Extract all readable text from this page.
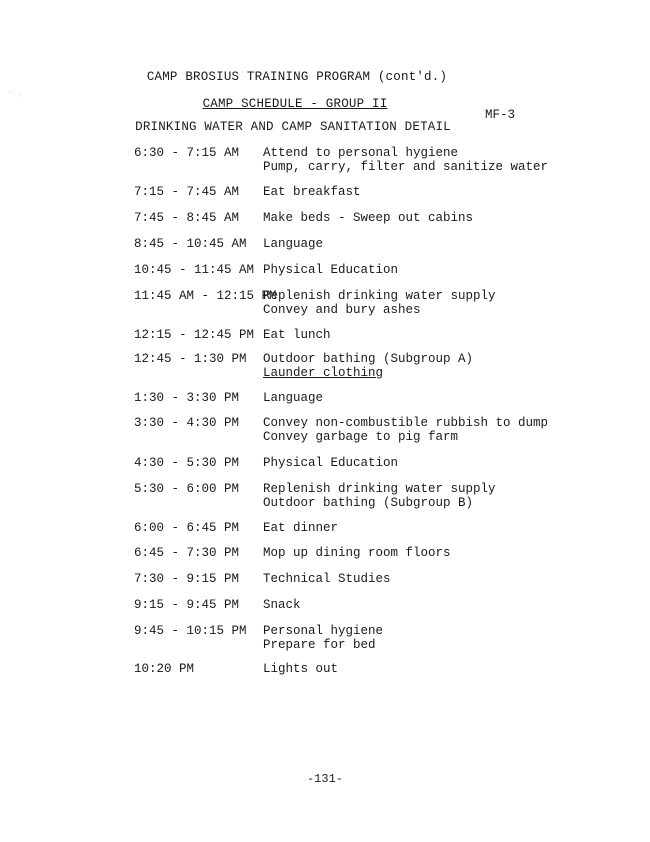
˘ ·
CAMP BROSIUS TRAINING PROGRAM (cont'd.)
CAMP SCHEDULE - GROUP II
MF-3
DRINKING WATER AND CAMP SANITATION DETAIL
6:30 - 7:15 AM Attend to personal hygiene
Pump, carry, filter and sanitize water
7:15 - 7:45 AM Eat breakfast
7:45 - 8:45 AM Make beds - Sweep out cabins
8:45 - 10:45 AM Language
10:45 - 11:45 AM Physical Education
11:45 AM - 12:15 PM
Replenish drinking water supply
Convey and bury ashes
12:15 - 12:45 PM Eat lunch
12:45 - 1:30 PM Outdoor bathing (Subgroup A)
Launder clothing
1:30 - 3:30 PM Language
3:30 - 4:30 PM Convey non-combustible rubbish to dump
Convey garbage to pig farm
4:30 - 5:30 PM Physical Education
5:30 - 6:00 PM Replenish drinking water supply
Outdoor bathing (Subgroup B)
6:00 - 6:45 PM Eat dinner
6:45 - 7:30 PM Mop up dining room floors
7:30 - 9:15 PM Technical Studies
9:15 - 9:45 PM Snack
9:45 - 10:15 PM Personal hygiene
Prepare for bed
10:20 PM	Lights out
-131-
